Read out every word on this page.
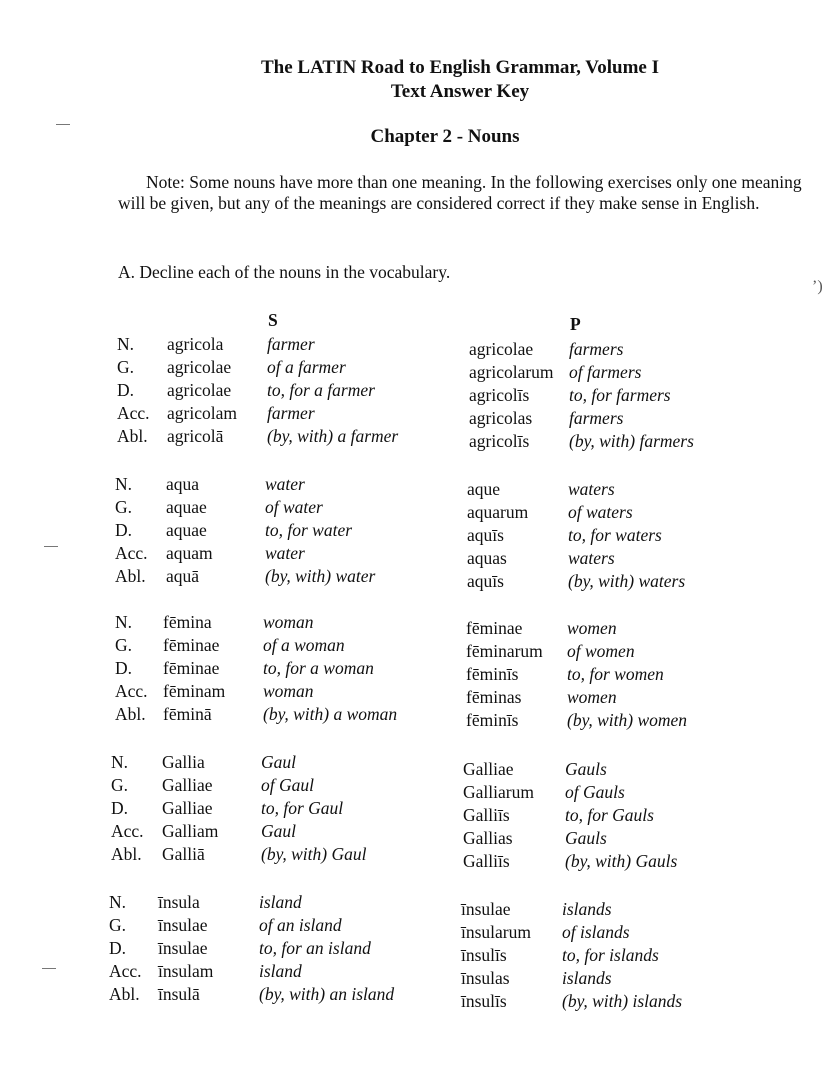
The LATIN Road to English Grammar, Volume I
Text Answer Key
Chapter 2 - Nouns
Note: Some nouns have more than one meaning. In the following exercises only one meaning will be given, but any of the meanings are considered correct if they make sense in English.
A. Decline each of the nouns in the vocabulary.
S	P
’)
N. agricola farmer	agricolae farmers
G. agricolae of a farmer	agricolarum of farmers
D. agricolae to, for a farmer	agricolīs to, for farmers
Acc. agricolam farmer	agricolas farmers
Abl. agricolā (by, with) a farmer	agricolīs (by, with) farmers
N. aqua	water	aque	waters
G. aquae	of water	aquarum of waters
D. aquae	to, for water	aquīs	to, for waters
Acc. aquam	water	aquas	waters
Abl. aquā	(by, with) water	aquīs	(by, with) waters
N. fēmina	woman	fēminae	women
G. fēminae of a woman	fēminarum of women
D. fēminae to, for a woman	fēminīs	to, for women
Acc. fēminam woman	fēminas	women
Abl. fēminā	(by, with) a woman	fēminīs	(by, with) women
N. Gallia	Gaul	Galliae	Gauls
G. Galliae	of Gaul	Galliarum of Gauls
D. Galliae	to, for Gaul	Galliīs	to, for Gauls
Acc. Galliam Gaul	Gallias	Gauls
Abl. Galliā	(by, with) Gaul	Galliīs	(by, with) Gauls
N. īnsula	island	īnsulae	islands
G. īnsulae	of an island	īnsularum of islands
D. īnsulae	to, for an island	īnsulīs	to, for islands
Acc. īnsulam	island	īnsulas	islands
Abl. īnsulā	(by, with) an island	īnsulīs	(by, with) islands
